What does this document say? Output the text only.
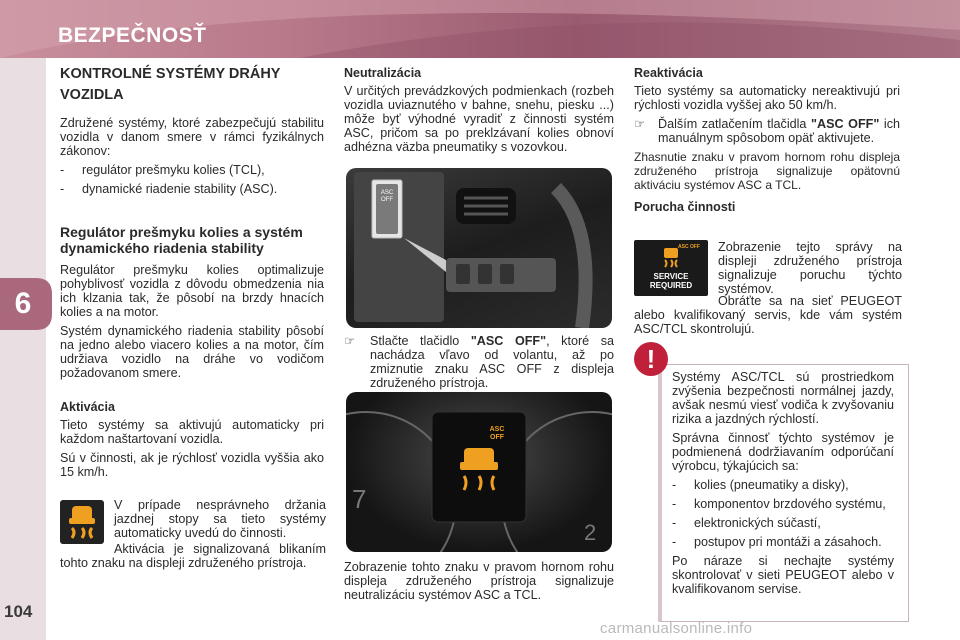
BEZPEČNOSŤ
6
104
KONTROLNÉ SYSTÉMY DRÁHY
VOZIDLA

Združené systémy, ktoré zabezpečujú stabilitu vozidla v danom smere v rámci fyzikálnych zákonov:

-	regulátor prešmyku kolies (TCL),
-	dynamické riadenie stability (ASC).
Regulátor prešmyku kolies a systém dynamického riadenia stability

Regulátor prešmyku kolies optimalizuje pohyblivosť vozidla z dôvodu obmedzenia nia ich klzania tak, že pôsobí na brzdy hnacích kolies a na motor.

Systém dynamického riadenia stability pôsobí na jedno alebo viacero kolies a na motor, čím udržiava vozidlo na dráhe vo vodičom požadovanom smere.

Aktivácia

Tieto systémy sa aktivujú automaticky pri každom naštartovaní vozidla.

Sú v činnosti, ak je rýchlosť vozidla vyššia ako 15 km/h.

V prípade nesprávneho držania jazdnej stopy sa tieto systémy automaticky uvedú do činnosti.

Aktivácia je signalizovaná blikaním tohto znaku na displeji združeného prístroja.

Neutralizácia

V určitých prevádzkových podmienkach (rozbeh vozidla uviaznutého v bahne, snehu, piesku ...) môže byť výhodné vyradiť z činnosti systém ASC, pričom sa po preklzávaní kolies obnoví adhézna väzba pneumatiky s vozovkou.

ASC OFF
☞	Stlačte tlačidlo "ASC OFF", ktoré sa nachádza vľavo od volantu, až po zmiznutie znaku ASC OFF z displeja združeného prístroja.
7
2
ASC OFF

Zobrazenie tohto znaku v pravom hornom rohu displeja združeného prístroja signalizuje neutralizáciu systémov ASC a TCL.

Reaktivácia

Tieto systémy sa automaticky nereaktivujú pri rýchlosti vozidla vyššej ako 50 km/h.

☞	Ďalším zatlačením tlačidla "ASC OFF" ich manuálnym spôsobom opäť aktivujete.

Zhasnutie znaku v pravom hornom rohu displeja združeného prístroja signalizuje opätovnú aktiváciu systémov ASC a TCL.

Porucha činnosti
ASC OFF
SERVICE
REQUIRED

Zobrazenie tejto správy na displeji združeného prístroja signalizuje poruchu týchto systémov.

Obráťte sa na sieť PEUGEOT alebo kvalifikovaný servis, kde vám systém ASC/TCL skontrolujú.

!

Systémy ASC/TCL sú prostriedkom zvýšenia bezpečnosti normálnej jazdy, avšak nesmú viesť vodiča k zvyšovaniu rizika a jazdných rýchlostí.

Správna činnosť týchto systémov je podmienená dodržiavaním odporúčaní výrobcu, týkajúcich sa:

-	kolies (pneumatiky a disky),
-	komponentov brzdového systému,
-	elektronických súčastí,
-	postupov pri montáži a zásahoch.

Po náraze si nechajte systémy skontrolovať v sieti PEUGEOT alebo v kvalifikovanom servise.

carmanualsonline.info
